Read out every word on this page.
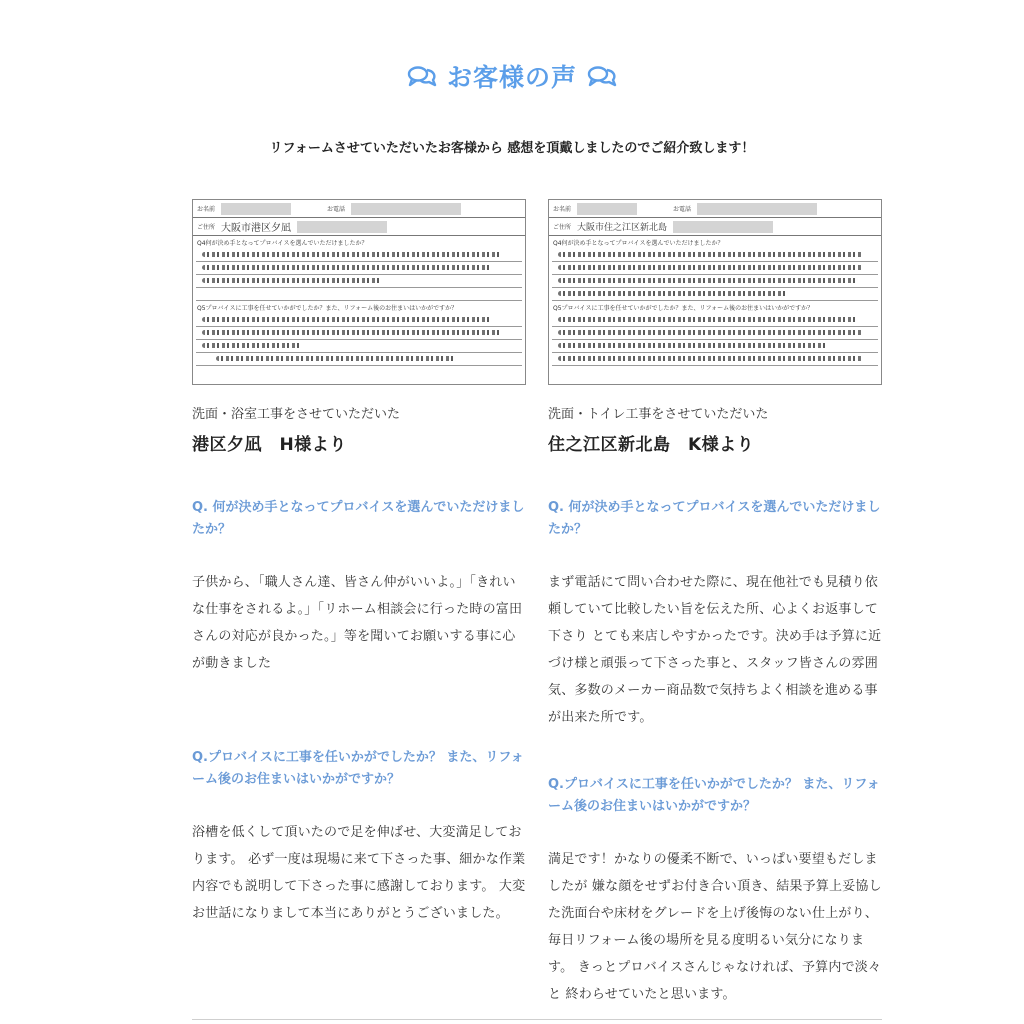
お客様の声
リフォームさせていただいたお客様から 感想を頂戴しましたのでご紹介致します！
お名前	お電話
ご住所 大阪市港区夕凪
Q4何が決め手となってプロバイスを選んでいただけましたか？
Q5プロバイスに工事を任せていかがでしたか？また、リフォーム後のお住まいはいかがですか？
洗面・浴室工事をさせていただいた
港区夕凪　H様より
Q. 何が決め手となってプロバイスを選んでいただけましたか？
子供から、「職人さん達、皆さん仲がいいよ。」「きれいな仕事をされるよ。」「リホーム相談会に行った時の富田さんの対応が良かった。」等を聞いてお願いする事に心が動きました
Q.プロバイスに工事を任いかがでしたか？ また、リフォーム後のお住まいはいかがですか？
浴槽を低くして頂いたので足を伸ばせ、大変満足しております。 必ず一度は現場に来て下さった事、細かな作業内容でも説明して下さった事に感謝しております。 大変お世話になりまして本当にありがとうございました。
お名前	お電話
ご住所 大阪市住之江区新北島
Q4何が決め手となってプロバイスを選んでいただけましたか？
Q5プロバイスに工事を任せていかがでしたか？また、リフォーム後のお住まいはいかがですか？
洗面・トイレ工事をさせていただいた
住之江区新北島　K様より
Q. 何が決め手となってプロバイスを選んでいただけましたか？
まず電話にて問い合わせた際に、現在他社でも見積り依頼していて比較したい旨を伝えた所、心よくお返事して下さり とても来店しやすかったです。決め手は予算に近づけ様と頑張って下さった事と、スタッフ皆さんの雰囲気、多数のメーカー商品数で気持ちよく相談を進める事が出来た所です。
Q.プロバイスに工事を任いかがでしたか？ また、リフォーム後のお住まいはいかがですか？
満足です！かなりの優柔不断で、いっぱい要望もだしましたが 嫌な顔をせずお付き合い頂き、結果予算上妥協した洗面台や床材をグレードを上げ後悔のない仕上がり、毎日リフォーム後の場所を見る度明るい気分になります。 きっとプロバイスさんじゃなければ、予算内で淡々と 終わらせていたと思います。
